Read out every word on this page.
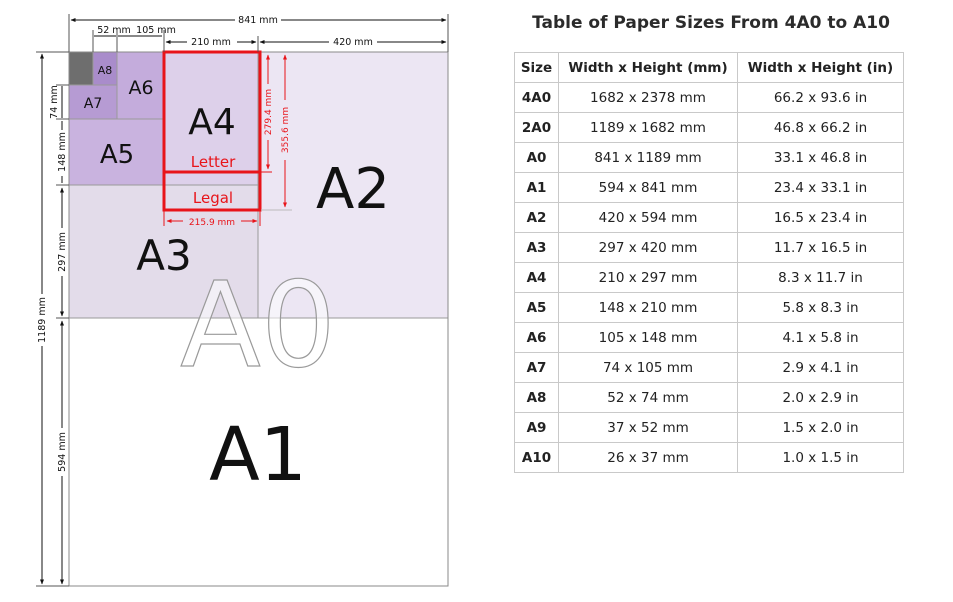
A0
A1
A2
A3
A4
A5
A6
A7
A8
Letter
Legal
215.9 mm
279.4 mm 355.6 mm
841 mm
52 mm 105 mm
210 mm	420 mm
1189 mm
74 mm
148 mm
297 mm
594 mm
Table of Paper Sizes From 4A0 to A10
Size	Width x Height (mm)	Width x Height (in)
4A0	1682 x 2378 mm	66.2 x 93.6 in
2A0	1189 x 1682 mm	46.8 x 66.2 in
A0	841 x 1189 mm	33.1 x 46.8 in
A1	594 x 841 mm	23.4 x 33.1 in
A2	420 x 594 mm	16.5 x 23.4 in
A3	297 x 420 mm	11.7 x 16.5 in
A4	210 x 297 mm	8.3 x 11.7 in
A5	148 x 210 mm	5.8 x 8.3 in
A6	105 x 148 mm	4.1 x 5.8 in
A7	74 x 105 mm	2.9 x 4.1 in
A8	52 x 74 mm	2.0 x 2.9 in
A9	37 x 52 mm	1.5 x 2.0 in
A10	26 x 37 mm	1.0 x 1.5 in
